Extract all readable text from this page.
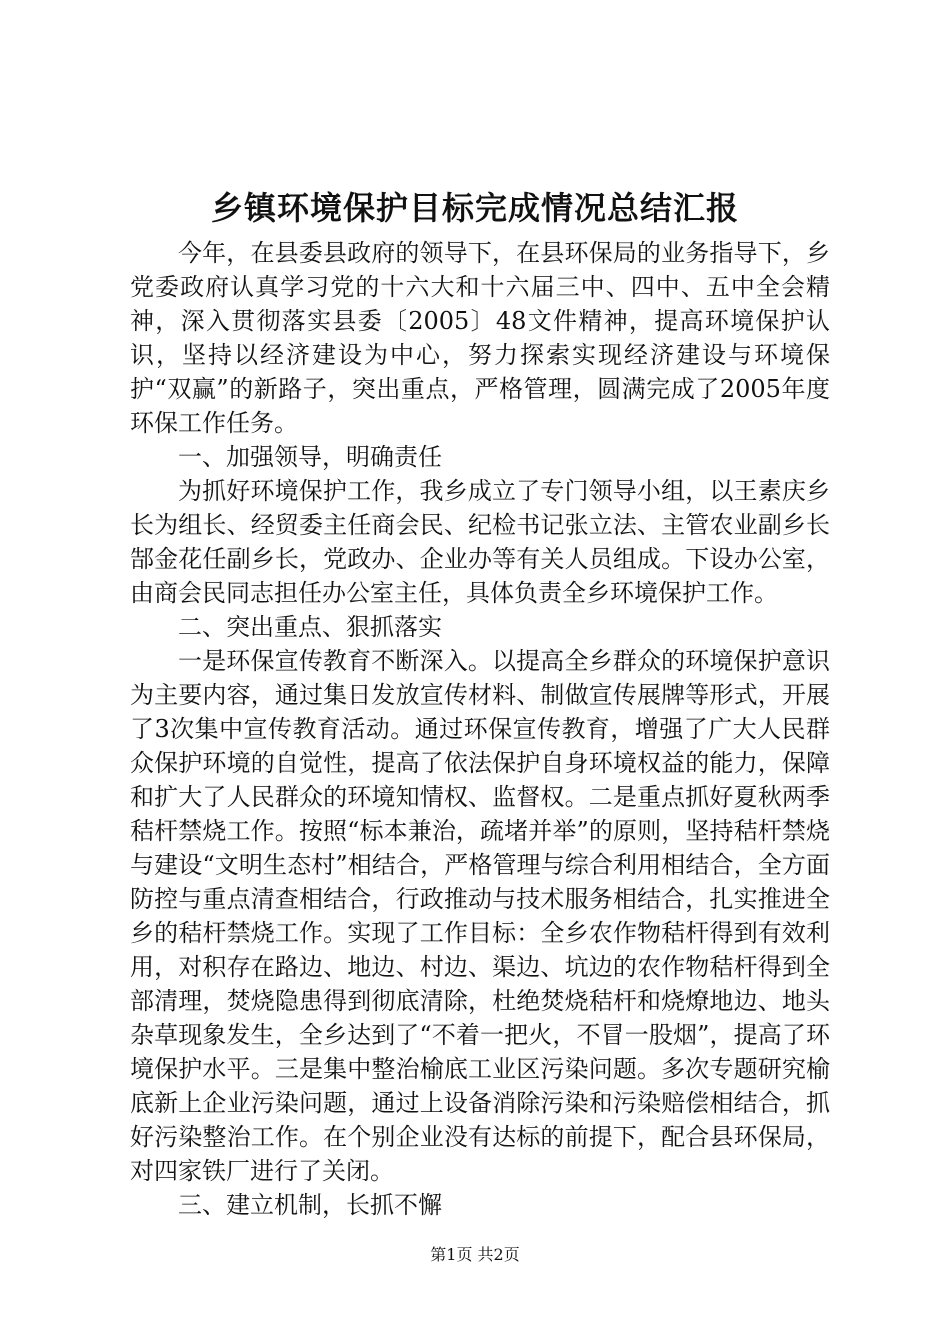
乡镇环境保护目标完成情况总结汇报

今年，在县委县政府的领导下，在县环保局的业务指导下，乡党委政府认真学习党的十六大和十六届三中、四中、五中全会精神，深入贯彻落实县委〔2005〕48文件精神，提高环境保护认识，坚持以经济建设为中心，努力探索实现经济建设与环境保护“双赢”的新路子，突出重点，严格管理，圆满完成了2005年度环保工作任务。

一、加强领导，明确责任

为抓好环境保护工作，我乡成立了专门领导小组，以王素庆乡长为组长、经贸委主任商会民、纪检书记张立法、主管农业副乡长郜金花任副乡长，党政办、企业办等有关人员组成。下设办公室，由商会民同志担任办公室主任，具体负责全乡环境保护工作。

二、突出重点、狠抓落实

一是环保宣传教育不断深入。以提高全乡群众的环境保护意识为主要内容，通过集日发放宣传材料、制做宣传展牌等形式，开展了3次集中宣传教育活动。通过环保宣传教育，增强了广大人民群众保护环境的自觉性，提高了依法保护自身环境权益的能力，保障和扩大了人民群众的环境知情权、监督权。二是重点抓好夏秋两季秸杆禁烧工作。按照“标本兼治，疏堵并举”的原则，坚持秸杆禁烧与建设“文明生态村”相结合，严格管理与综合利用相结合，全方面防控与重点清查相结合，行政推动与技术服务相结合，扎实推进全乡的秸杆禁烧工作。实现了工作目标：全乡农作物秸杆得到有效利用，对积存在路边、地边、村边、渠边、坑边的农作物秸杆得到全部清理，焚烧隐患得到彻底清除，杜绝焚烧秸杆和烧燎地边、地头杂草现象发生，全乡达到了“不着一把火，不冒一股烟”，提高了环境保护水平。三是集中整治榆底工业区污染问题。多次专题研究榆底新上企业污染问题，通过上设备消除污染和污染赔偿相结合，抓好污染整治工作。在个别企业没有达标的前提下，配合县环保局，对四家铁厂进行了关闭。

三、建立机制，长抓不懈

第1页 共2页
